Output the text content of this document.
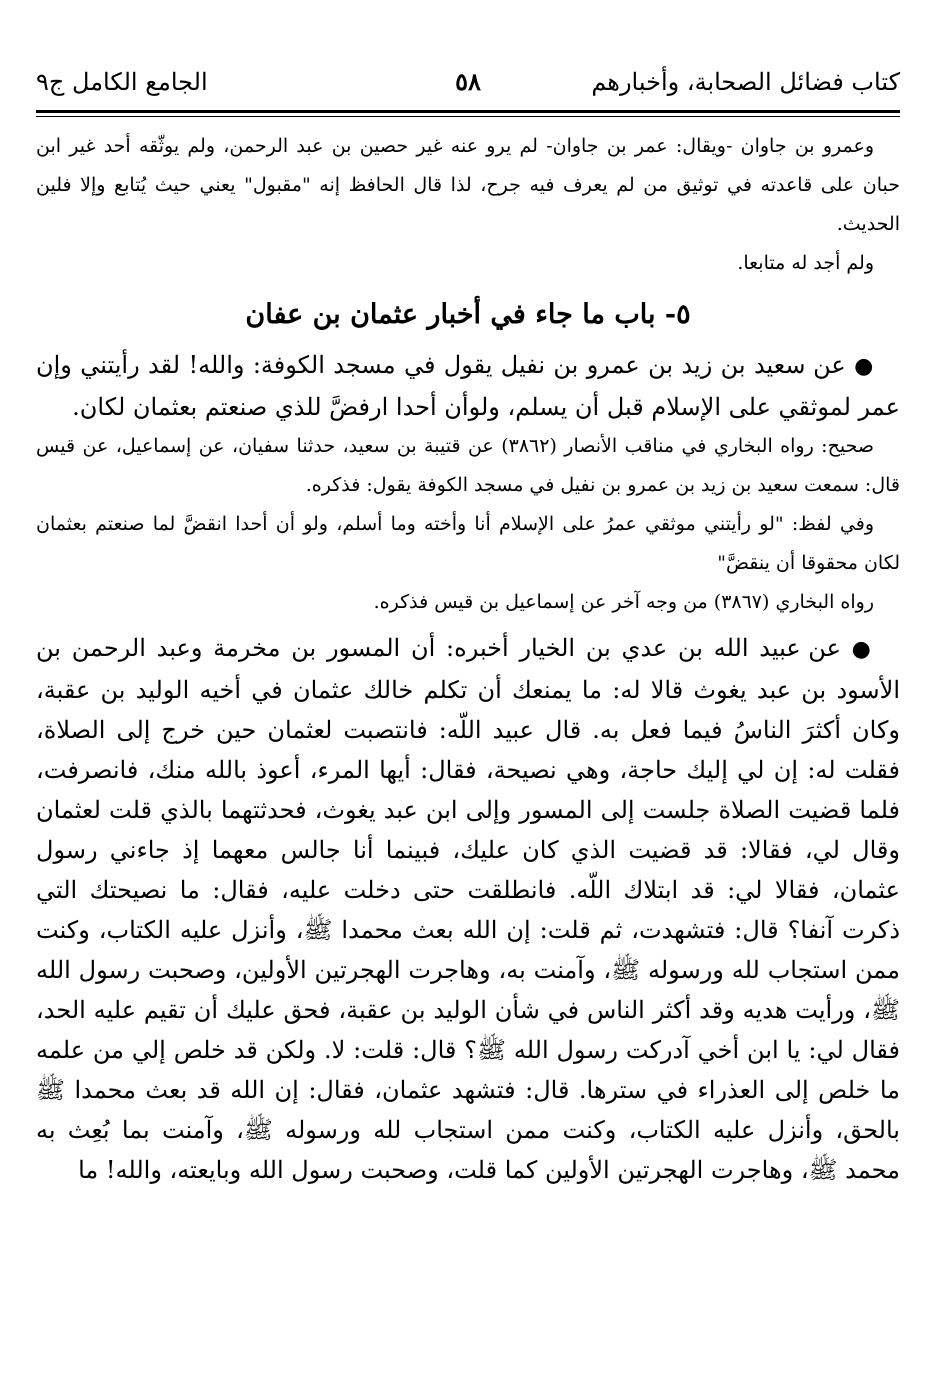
كتاب فضائل الصحابة، وأخبارهم
٥٨
الجامع الكامل ج٩

وعمرو بن جاوان -ويقال: عمر بن جاوان- لم يرو عنه غير حصين بن عبد الرحمن، ولم يوثّقه أحد غير ابن حبان على قاعدته في توثيق من لم يعرف فيه جرح، لذا قال الحافظ إنه "مقبول" يعني حيث يُتابع وإلا فلين الحديث.

ولم أجد له متابعا.

٥- باب ما جاء في أخبار عثمان بن عفان

● عن سعيد بن زيد بن عمرو بن نفيل يقول في مسجد الكوفة: والله! لقد رأيتني وإن عمر لموثقي على الإسلام قبل أن يسلم، ولوأن أحدا ارفضَّ للذي صنعتم بعثمان لكان.

صحيح: رواه البخاري في مناقب الأنصار (٣٨٦٢) عن قتيبة بن سعيد، حدثنا سفيان، عن إسماعيل، عن قيس قال: سمعت سعيد بن زيد بن عمرو بن نفيل في مسجد الكوفة يقول: فذكره.

وفي لفظ: "لو رأيتني موثقي عمرُ على الإسلام أنا وأخته وما أسلم، ولو أن أحدا انقضَّ لما صنعتم بعثمان لكان محقوقا أن ينقضَّ"

رواه البخاري (٣٨٦٧) من وجه آخر عن إسماعيل بن قيس فذكره.

● عن عبيد الله بن عدي بن الخيار أخبره: أن المسور بن مخرمة وعبد الرحمن بن الأسود بن عبد يغوث قالا له: ما يمنعك أن تكلم خالك عثمان في أخيه الوليد بن عقبة، وكان أكثرَ الناسُ فيما فعل به. قال عبيد اللّه: فانتصبت لعثمان حين خرج إلى الصلاة، فقلت له: إن لي إليك حاجة، وهي نصيحة، فقال: أيها المرء، أعوذ بالله منك، فانصرفت، فلما قضيت الصلاة جلست إلى المسور وإلى ابن عبد يغوث، فحدثتهما بالذي قلت لعثمان وقال لي، فقالا: قد قضيت الذي كان عليك، فبينما أنا جالس معهما إذ جاءني رسول عثمان، فقالا لي: قد ابتلاك اللّه. فانطلقت حتى دخلت عليه، فقال: ما نصيحتك التي ذكرت آنفا؟ قال: فتشهدت، ثم قلت: إن الله بعث محمدا ﷺ، وأنزل عليه الكتاب، وكنت ممن استجاب لله ورسوله ﷺ، وآمنت به، وهاجرت الهجرتين الأولين، وصحبت رسول الله ﷺ، ورأيت هديه وقد أكثر الناس في شأن الوليد بن عقبة، فحق عليك أن تقيم عليه الحد، فقال لي: يا ابن أخي آدركت رسول الله ﷺ؟ قال: قلت: لا. ولكن قد خلص إلي من علمه ما خلص إلى العذراء في سترها. قال: فتشهد عثمان، فقال: إن الله قد بعث محمدا ﷺ بالحق، وأنزل عليه الكتاب، وكنت ممن استجاب لله ورسوله ﷺ، وآمنت بما بُعِث به محمد ﷺ، وهاجرت الهجرتين الأولين كما قلت، وصحبت رسول الله وبايعته، والله! ما
